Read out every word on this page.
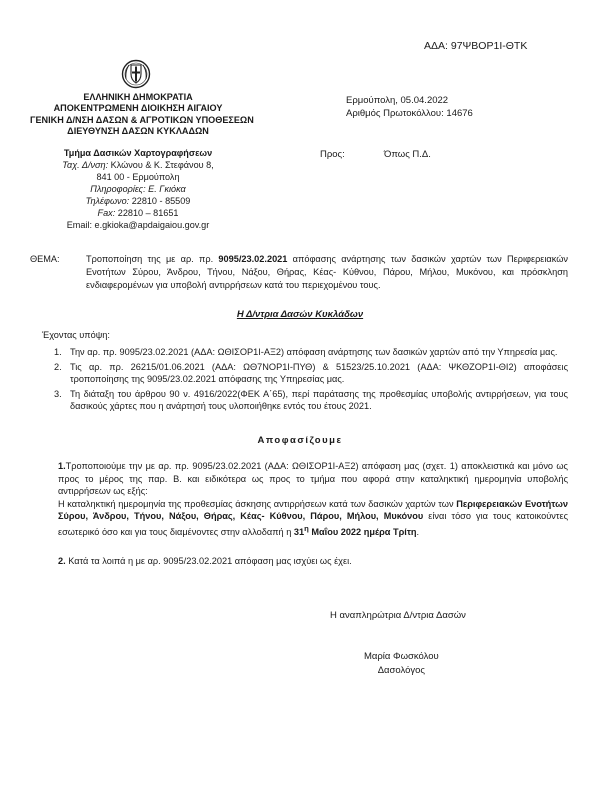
ΑΔΑ: 97ΨΒΟΡ1Ι-ΘΤΚ
ΕΛΛΗΝΙΚΗ ΔΗΜΟΚΡΑΤΙΑ
ΑΠΟΚΕΝΤΡΩΜΕΝΗ ΔΙΟΙΚΗΣΗ ΑΙΓΑΙΟΥ
ΓΕΝΙΚΗ Δ/ΝΣΗ ΔΑΣΩΝ & ΑΓΡΟΤΙΚΩΝ ΥΠΟΘΕΣΕΩΝ
ΔΙΕΥΘΥΝΣΗ ΔΑΣΩΝ ΚΥΚΛΑΔΩΝ
Τμήμα Δασικών Χαρτογραφήσεων
Ταχ. Δ/νση: Κλώνου & Κ. Στεφάνου 8,
841 00 - Ερμούπολη
Πληροφορίες: Ε. Γκιόκα
Τηλέφωνο: 22810 - 85509
Fax: 22810 – 81651
Email: e.gkioka@apdaigaiou.gov.gr
Ερμούπολη, 05.04.2022
Αριθμός Πρωτοκόλλου: 14676
Προς:	Όπως Π.Δ.
ΘΕΜΑ:	Τροποποίηση της με αρ. πρ. 9095/23.02.2021 απόφασης ανάρτησης των δασικών χαρτών των Περιφερειακών Ενοτήτων Σύρου, Άνδρου, Τήνου, Νάξου, Θήρας, Κέας- Κύθνου, Πάρου, Μήλου, Μυκόνου, και πρόσκληση ενδιαφερομένων για υποβολή αντιρρήσεων κατά του περιεχομένου τους.
Η Δ/ντρια Δασών Κυκλάδων
Έχοντας υπόψη:
1. Την αρ. πρ. 9095/23.02.2021 (ΑΔΑ: ΩΘΙΣΟΡ1Ι-ΑΞ2) απόφαση ανάρτησης των δασικών χαρτών από την Υπηρεσία μας.
2. Τις αρ. πρ. 26215/01.06.2021 (ΑΔΑ: ΩΘ7ΝΟΡ1Ι-ΠΥΘ) & 51523/25.10.2021 (ΑΔΑ: ΨΚΘΖΟΡ1Ι-ΘΙ2) αποφάσεις τροποποίησης της 9095/23.02.2021 απόφασης της Υπηρεσίας μας.
3. Τη διάταξη του άρθρου 90 ν. 4916/2022(ΦΕΚ Α΄65), περί παράτασης της προθεσμίας υποβολής αντιρρήσεων, για τους δασικούς χάρτες που η ανάρτησή τους υλοποιήθηκε εντός του έτους 2021.
Αποφασίζουμε
1.Τροποποιούμε την με αρ. πρ. 9095/23.02.2021 (ΑΔΑ: ΩΘΙΣΟΡ1Ι-ΑΞ2) απόφαση μας (σχετ. 1) αποκλειστικά και μόνο ως προς το μέρος της παρ. Β. και ειδικότερα ως προς το τμήμα που αφορά στην καταληκτική ημερομηνία υποβολής αντιρρήσεων ως εξής:
Η καταληκτική ημερομηνία της προθεσμίας άσκησης αντιρρήσεων κατά των δασικών χαρτών των Περιφερειακών Ενοτήτων Σύρου, Άνδρου, Τήνου, Νάξου, Θήρας, Κέας- Κύθνου, Πάρου, Μήλου, Μυκόνου είναι τόσο για τους κατοικούντες εσωτερικό όσο και για τους διαμένοντες στην αλλοδαπή η $31^\eta$ Μαΐου 2022 ημέρα Τρίτη.
2. Κατά τα λοιπά η με αρ. 9095/23.02.2021 απόφαση μας ισχύει ως έχει.
Η αναπληρώτρια Δ/ντρια Δασών
Μαρία Φωσκόλου
Δασολόγος
